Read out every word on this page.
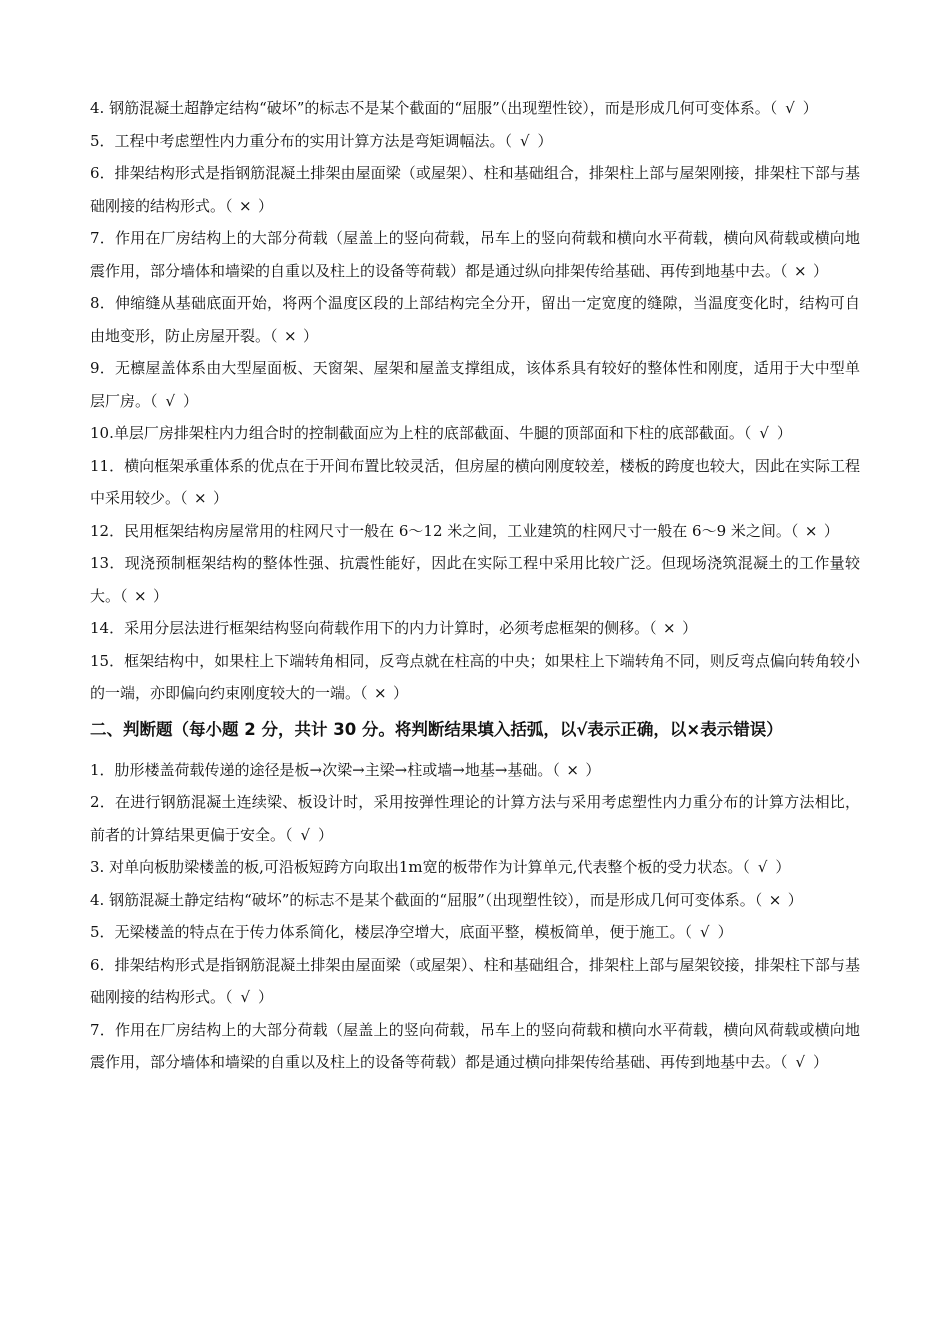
4. 钢筋混凝土超静定结构“破坏”的标志不是某个截面的“屈服”（出现塑性铰），而是形成几何可变体系。（ √ ）

5．工程中考虑塑性内力重分布的实用计算方法是弯矩调幅法。（ √ ）

6．排架结构形式是指钢筋混凝土排架由屋面梁（或屋架）、柱和基础组合，排架柱上部与屋架刚接，排架柱下部与基础刚接的结构形式。（ × ）

7．作用在厂房结构上的大部分荷载（屋盖上的竖向荷载，吊车上的竖向荷载和横向水平荷载，横向风荷载或横向地震作用，部分墙体和墙梁的自重以及柱上的设备等荷载）都是通过纵向排架传给基础、再传到地基中去。（ × ）

8．伸缩缝从基础底面开始，将两个温度区段的上部结构完全分开，留出一定宽度的缝隙，当温度变化时，结构可自由地变形，防止房屋开裂。（ × ）

9．无檩屋盖体系由大型屋面板、天窗架、屋架和屋盖支撑组成，该体系具有较好的整体性和刚度，适用于大中型单层厂房。（ √ ）

10.单层厂房排架柱内力组合时的控制截面应为上柱的底部截面、牛腿的顶部面和下柱的底部截面。（ √ ）

11．横向框架承重体系的优点在于开间布置比较灵活，但房屋的横向刚度较差，楼板的跨度也较大，因此在实际工程中采用较少。（ × ）

12．民用框架结构房屋常用的柱网尺寸一般在 6～12 米之间，工业建筑的柱网尺寸一般在 6～9 米之间。（ × ）

13．现浇预制框架结构的整体性强、抗震性能好，因此在实际工程中采用比较广泛。但现场浇筑混凝土的工作量较大。（ × ）

14．采用分层法进行框架结构竖向荷载作用下的内力计算时，必须考虑框架的侧移。（ × ）

15．框架结构中，如果柱上下端转角相同，反弯点就在柱高的中央；如果柱上下端转角不同，则反弯点偏向转角较小的一端，亦即偏向约束刚度较大的一端。（ × ）

二、判断题（每小题 2 分，共计 30 分。将判断结果填入括弧，以√表示正确，以×表示错误）

1．肋形楼盖荷载传递的途径是板→次梁→主梁→柱或墙→地基→基础。（ × ）

2．在进行钢筋混凝土连续梁、板设计时，采用按弹性理论的计算方法与采用考虑塑性内力重分布的计算方法相比，前者的计算结果更偏于安全。（ √ ）

3. 对单向板肋梁楼盖的板,可沿板短跨方向取出1m宽的板带作为计算单元,代表整个板的受力状态。（ √ ）

4. 钢筋混凝土静定结构“破坏”的标志不是某个截面的“屈服”（出现塑性铰），而是形成几何可变体系。（ × ）

5．无梁楼盖的特点在于传力体系简化，楼层净空增大，底面平整，模板简单，便于施工。（ √ ）

6．排架结构形式是指钢筋混凝土排架由屋面梁（或屋架）、柱和基础组合，排架柱上部与屋架铰接，排架柱下部与基础刚接的结构形式。（ √ ）

7．作用在厂房结构上的大部分荷载（屋盖上的竖向荷载，吊车上的竖向荷载和横向水平荷载，横向风荷载或横向地震作用，部分墙体和墙梁的自重以及柱上的设备等荷载）都是通过横向排架传给基础、再传到地基中去。（ √ ）
